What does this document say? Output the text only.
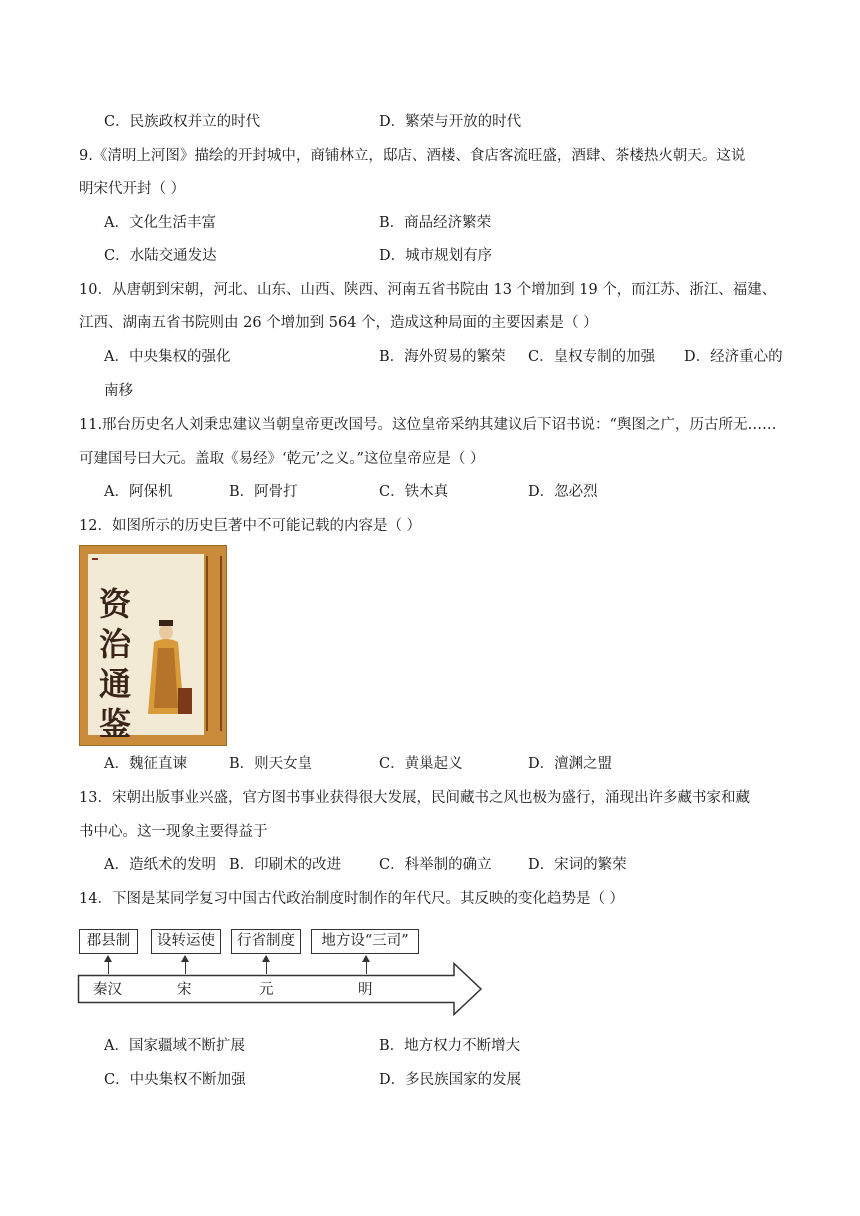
C．民族政权并立的时代	D．繁荣与开放的时代
9.《清明上河图》描绘的开封城中，商铺林立，邸店、酒楼、食店客流旺盛，酒肆、茶楼热火朝天。这说
明宋代开封（ ）
A．文化生活丰富	B．商品经济繁荣
C．水陆交通发达	D．城市规划有序
10．从唐朝到宋朝，河北、山东、山西、陕西、河南五省书院由 13 个增加到 19 个，而江苏、浙江、福建、
江西、湖南五省书院则由 26 个增加到 564 个，造成这种局面的主要因素是（ ）
A．中央集权的强化	B．海外贸易的繁荣 C．皇权专制的加强 D．经济重心的
南移
11.邢台历史名人刘秉忠建议当朝皇帝更改国号。这位皇帝采纳其建议后下诏书说：“舆图之广，历古所无……
可建国号曰大元。盖取《易经》‘乾元’之义。”这位皇帝应是（ ）
A．阿保机	B．阿骨打	C．铁木真	D．忽必烈
12．如图所示的历史巨著中不可能记载的内容是（ ）
资
治
通
鉴
A．魏征直谏	B．则天女皇	C．黄巢起义	D．澶渊之盟
13．宋朝出版事业兴盛，官方图书事业获得很大发展，民间藏书之风也极为盛行，涌现出许多藏书家和藏
书中心。这一现象主要得益于
A．造纸术的发明 B．印刷术的改进	C．科举制的确立	D．宋词的繁荣
14．下图是某同学复习中国古代政治制度时制作的年代尺。其反映的变化趋势是（ ）
郡县制	设转运使	行省制度	地方设“三司”
秦汉	宋	元	明
A．国家疆域不断扩展	B．地方权力不断增大
C．中央集权不断加强	D．多民族国家的发展
